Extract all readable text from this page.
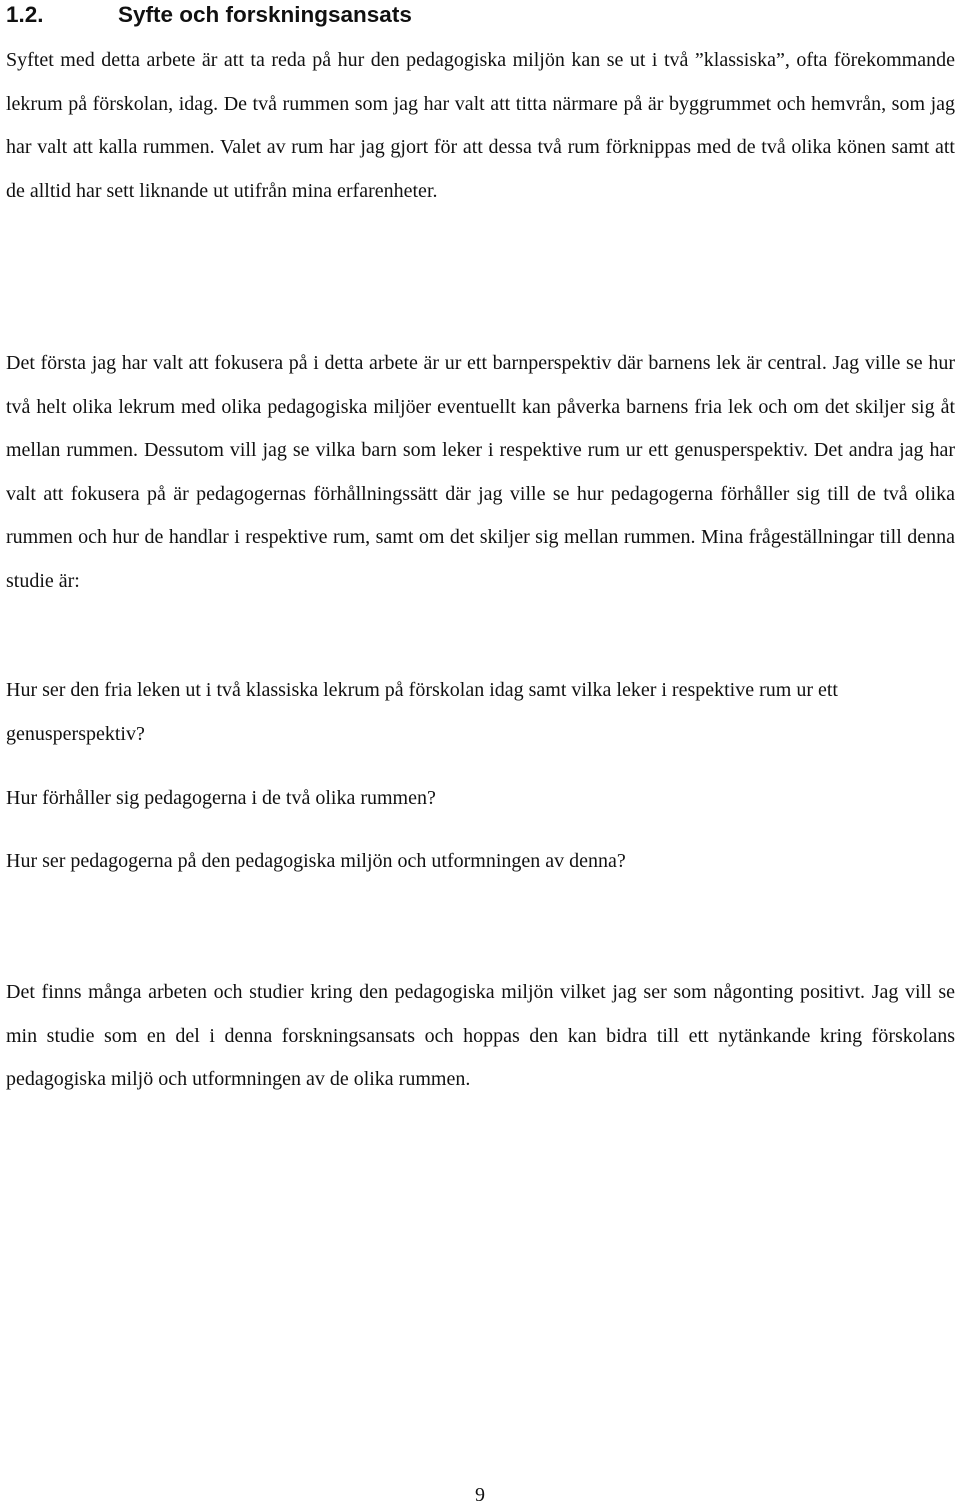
1.2.	Syfte och forskningsansats

Syftet med detta arbete är att ta reda på hur den pedagogiska miljön kan se ut i två ”klassiska”, ofta förekommande lekrum på förskolan, idag. De två rummen som jag har valt att titta närmare på är byggrummet och hemvrån, som jag har valt att kalla rummen. Valet av rum har jag gjort för att dessa två rum förknippas med de två olika könen samt att de alltid har sett liknande ut utifrån mina erfarenheter.

Det första jag har valt att fokusera på i detta arbete är ur ett barnperspektiv där barnens lek är central. Jag ville se hur två helt olika lekrum med olika pedagogiska miljöer eventuellt kan påverka barnens fria lek och om det skiljer sig åt mellan rummen. Dessutom vill jag se vilka barn som leker i respektive rum ur ett genusperspektiv. Det andra jag har valt att fokusera på är pedagogernas förhållningssätt där jag ville se hur pedagogerna förhåller sig till de två olika rummen och hur de handlar i respektive rum, samt om det skiljer sig mellan rummen. Mina frågeställningar till denna studie är:

Hur ser den fria leken ut i två klassiska lekrum på förskolan idag samt vilka leker i respektive rum ur ett genusperspektiv?

Hur förhåller sig pedagogerna i de två olika rummen?

Hur ser pedagogerna på den pedagogiska miljön och utformningen av denna?

Det finns många arbeten och studier kring den pedagogiska miljön vilket jag ser som någonting positivt. Jag vill se min studie som en del i denna forskningsansats och hoppas den kan bidra till ett nytänkande kring förskolans pedagogiska miljö och utformningen av de olika rummen.

9
